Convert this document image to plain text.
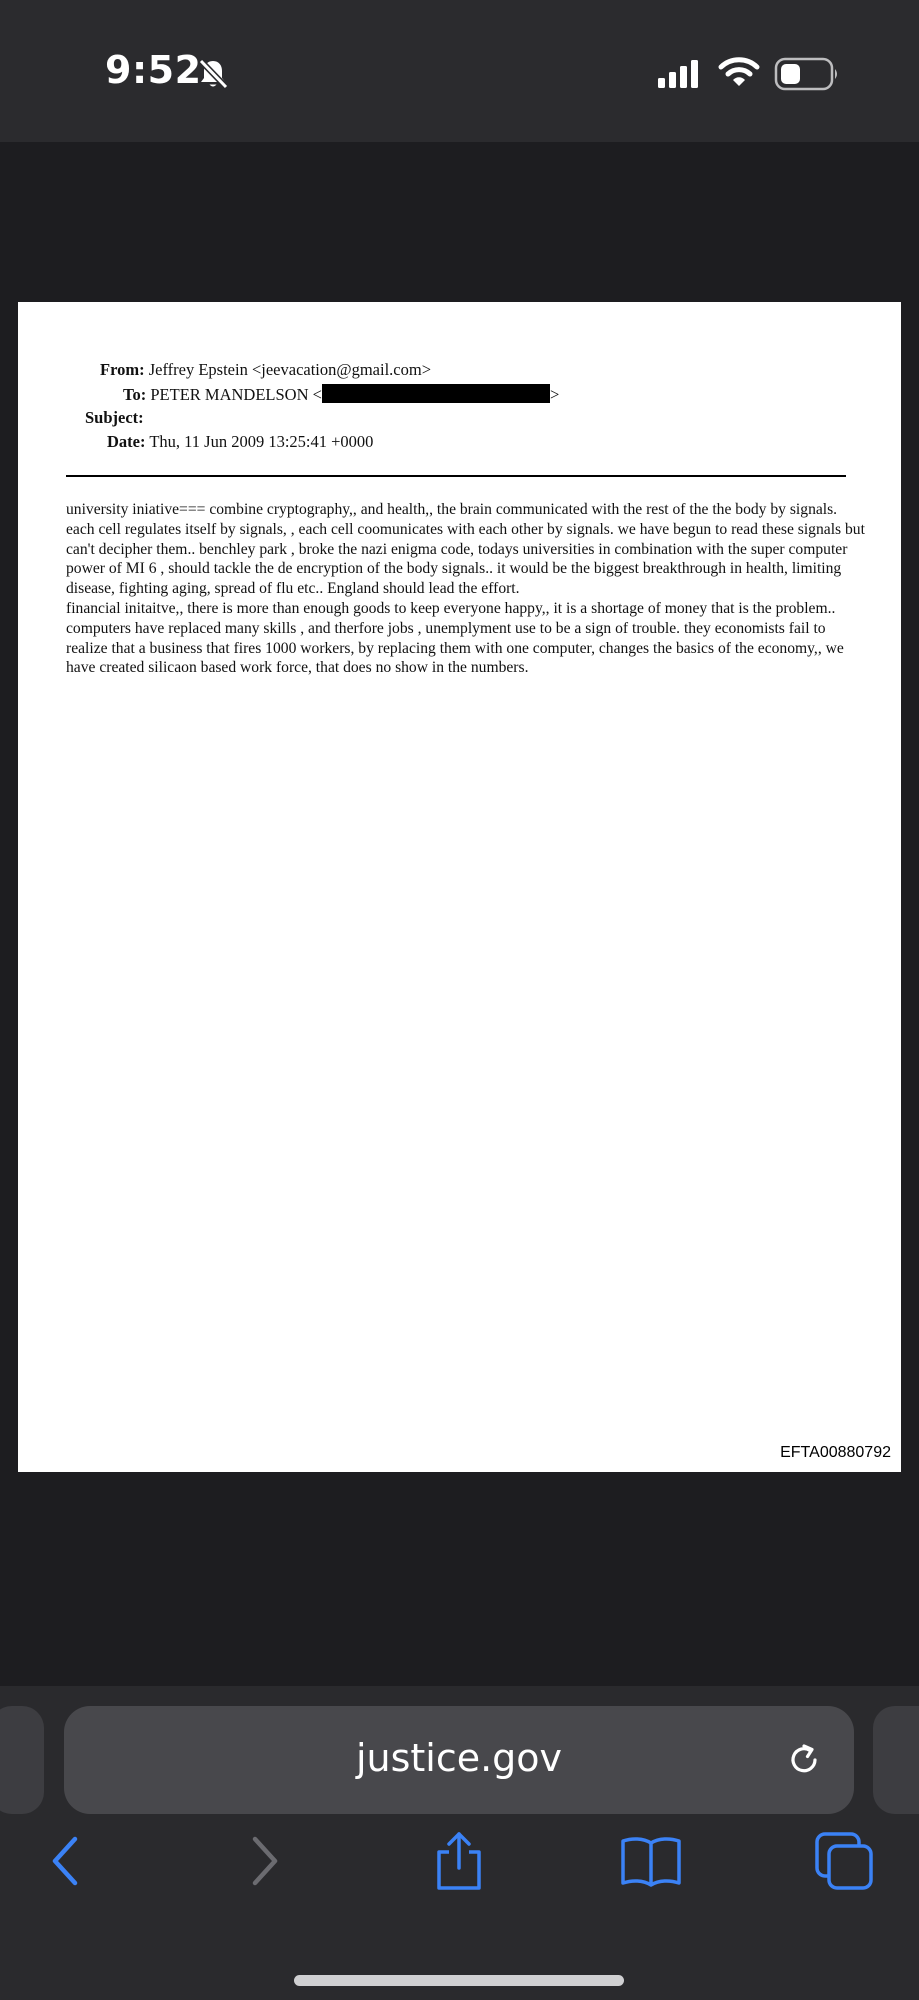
9:52
From: Jeffrey Epstein <jeevacation@gmail.com>
To: PETER MANDELSON <	>
Subject:
Date: Thu, 11 Jun 2009 13:25:41 +0000

university iniative=== combine cryptography,, and health,, the brain communicated with the rest of the the body by signals. each cell regulates itself by signals, , each cell coomunicates with each other by signals. we have begun to read these signals but can't decipher them.. benchley park , broke the nazi enigma code, todays universities in combination with the super computer power of MI 6 , should tackle the de encryption of the body signals.. it would be the biggest breakthrough in health, limiting disease, fighting aging, spread of flu etc.. England should lead the effort.

financial initaitve,, there is more than enough goods to keep everyone happy,, it is a shortage of money that is the problem.. computers have replaced many skills , and therfore jobs , unemplyment use to be a sign of trouble. they economists fail to realize that a business that fires 1000 workers, by replacing them with one computer, changes the basics of the economy,, we have created silicaon based work force, that does no show in the numbers.

EFTA00880792
justice.gov
